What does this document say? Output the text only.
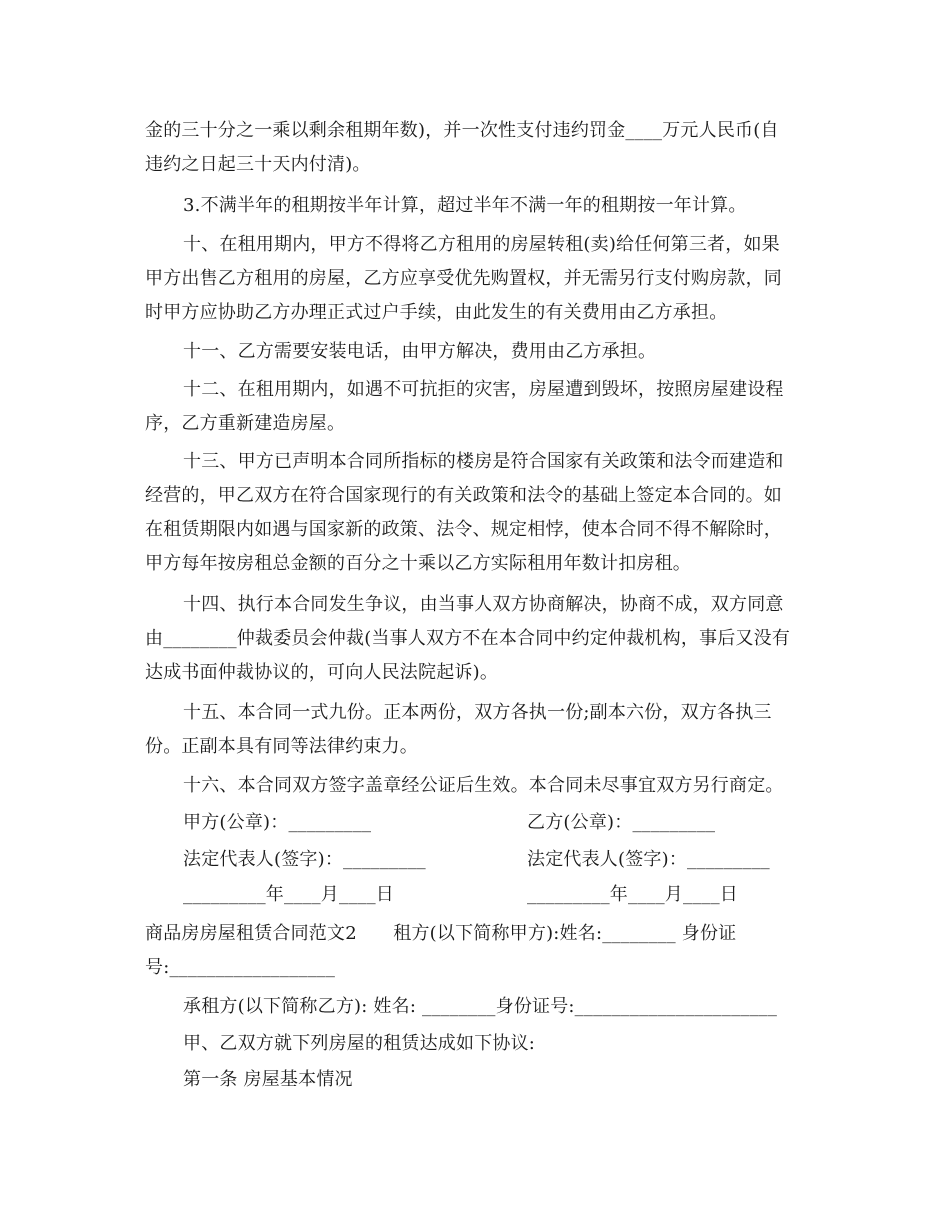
金的三十分之一乘以剩余租期年数)，并一次性支付违约罚金____万元人民币(自
违约之日起三十天内付清)。
3.不满半年的租期按半年计算，超过半年不满一年的租期按一年计算。
十、在租用期内，甲方不得将乙方租用的房屋转租(卖)给任何第三者，如果
甲方出售乙方租用的房屋，乙方应享受优先购置权，并无需另行支付购房款，同
时甲方应协助乙方办理正式过户手续，由此发生的有关费用由乙方承担。
十一、乙方需要安装电话，由甲方解决，费用由乙方承担。
十二、在租用期内，如遇不可抗拒的灾害，房屋遭到毁坏，按照房屋建设程
序，乙方重新建造房屋。
十三、甲方已声明本合同所指标的楼房是符合国家有关政策和法令而建造和
经营的，甲乙双方在符合国家现行的有关政策和法令的基础上签定本合同的。如
在租赁期限内如遇与国家新的政策、法令、规定相悖，使本合同不得不解除时，
甲方每年按房租总金额的百分之十乘以乙方实际租用年数计扣房租。
十四、执行本合同发生争议，由当事人双方协商解决，协商不成，双方同意
由________仲裁委员会仲裁(当事人双方不在本合同中约定仲裁机构，事后又没有
达成书面仲裁协议的，可向人民法院起诉)。
十五、本合同一式九份。正本两份，双方各执一份;副本六份，双方各执三
份。正副本具有同等法律约束力。
十六、本合同双方签字盖章经公证后生效。本合同未尽事宜双方另行商定。
甲方(公章)：_________	乙方(公章)：_________
法定代表人(签字)：_________	法定代表人(签字)：_________
_________年____月____日	_________年____月____日
商品房房屋租赁合同范文2　　租方(以下简称甲方):姓名:________ 身份证
号:__________________
承租方(以下简称乙方): 姓名: ________身份证号:______________________
甲、乙双方就下列房屋的租赁达成如下协议:
第一条 房屋基本情况
